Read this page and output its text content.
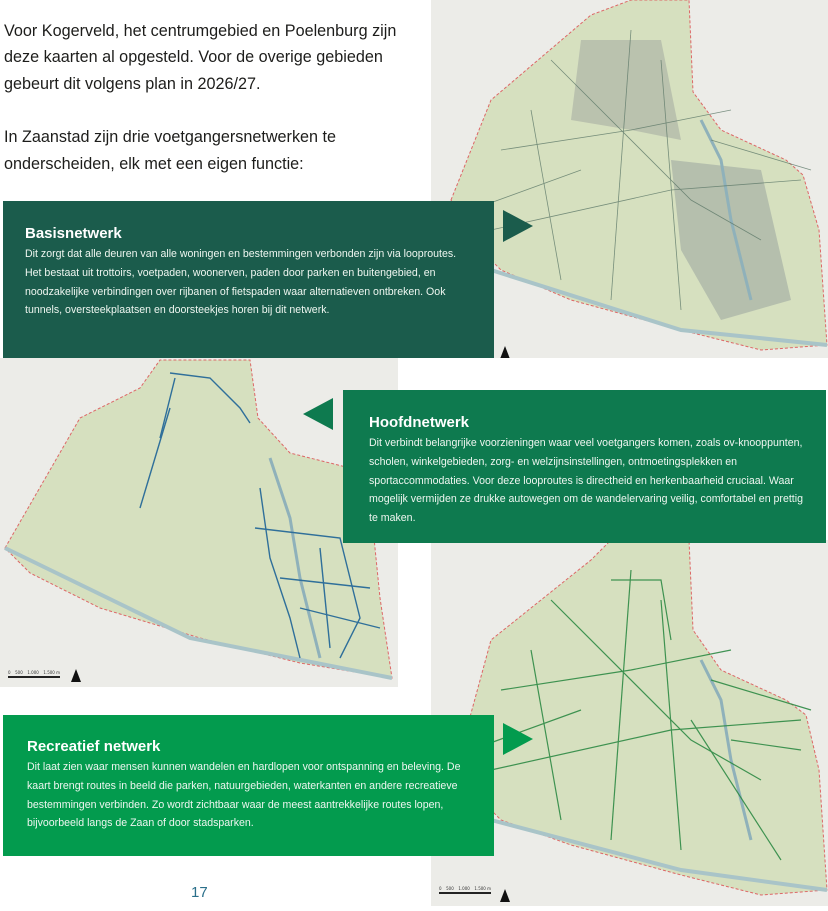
Voor Kogerveld, het centrumgebied en Poelenburg zijn deze kaarten al opgesteld. Voor de overige gebieden gebeurt dit volgens plan in 2026/27.

In Zaanstad zijn drie voetgangersnetwerken te onderscheiden, elk met een eigen functie:

0 500 1.000 1.500 m
0 500 1.000 1.500 m
Basisnetwerk

Dit zorgt dat alle deuren van alle woningen en bestemmingen verbonden zijn via looproutes. Het bestaat uit trottoirs, voetpaden, woonerven, paden door parken en buitengebied, en noodzakelijke verbindingen over rijbanen of fietspaden waar alternatieven ontbreken. Ook tunnels, oversteekplaatsen en doorsteekjes horen bij dit netwerk.

Hoofdnetwerk

Dit verbindt belangrijke voorzieningen waar veel voetgangers komen, zoals ov-knooppunten, scholen, winkelgebieden, zorg- en welzijnsinstellingen, ontmoetingsplekken en sportaccommodaties. Voor deze looproutes is directheid en herkenbaarheid cruciaal. Waar mogelijk vermijden ze drukke autowegen om de wandelervaring veilig, comfortabel en prettig te maken.

Recreatief netwerk

Dit laat zien waar mensen kunnen wandelen en hardlopen voor ontspanning en beleving. De kaart brengt routes in beeld die parken, natuurgebieden, waterkanten en andere recreatieve bestemmingen verbinden. Zo wordt zichtbaar waar de meest aantrekkelijke routes lopen, bijvoorbeeld langs de Zaan of door stadsparken.

17
